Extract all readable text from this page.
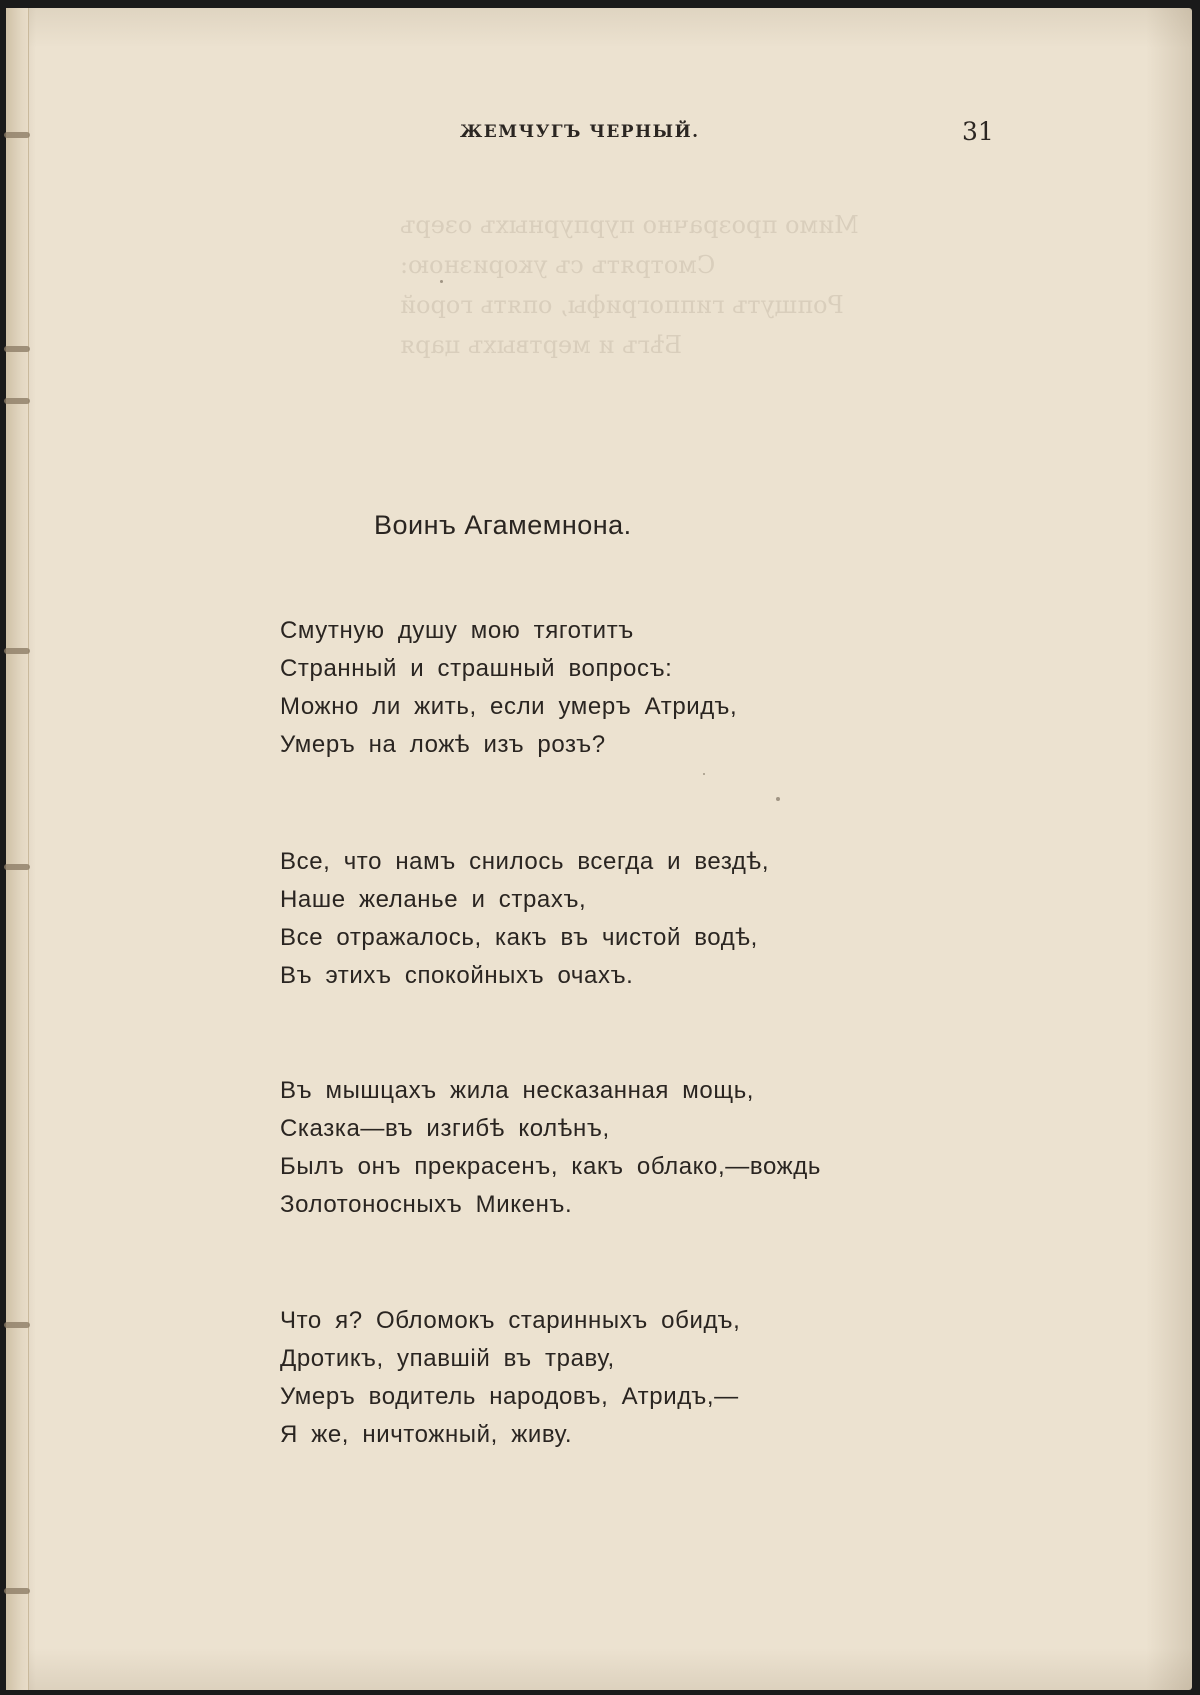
Мимо прозрачно пурпурныхъ озеръ
Смотрятъ съ укоризною:
Ропщутъ гиппогрифы, опять горой
Бѣгъ и мертвыхъ царя
ЖЕМЧУГЪ ЧЕРНЫЙ.	31
Воинъ Агамемнона.
Смутную душу мою тяготитъ
Странный и страшный вопросъ:
Можно ли жить, если умеръ Атридъ,
Умеръ на ложѣ изъ розъ?
Все, что намъ снилось всегда и вездѣ,
Наше желанье и страхъ,
Все отражалось, какъ въ чистой водѣ,
Въ этихъ спокойныхъ очахъ.
Въ мышцахъ жила несказанная мощь,
Сказка—въ изгибѣ колѣнъ,
Былъ онъ прекрасенъ, какъ облако,—вождь
Золотоносныхъ Микенъ.
Что я? Обломокъ старинныхъ обидъ,
Дротикъ, упавшій въ траву,
Умеръ водитель народовъ, Атридъ,—
Я же, ничтожный, живу.
